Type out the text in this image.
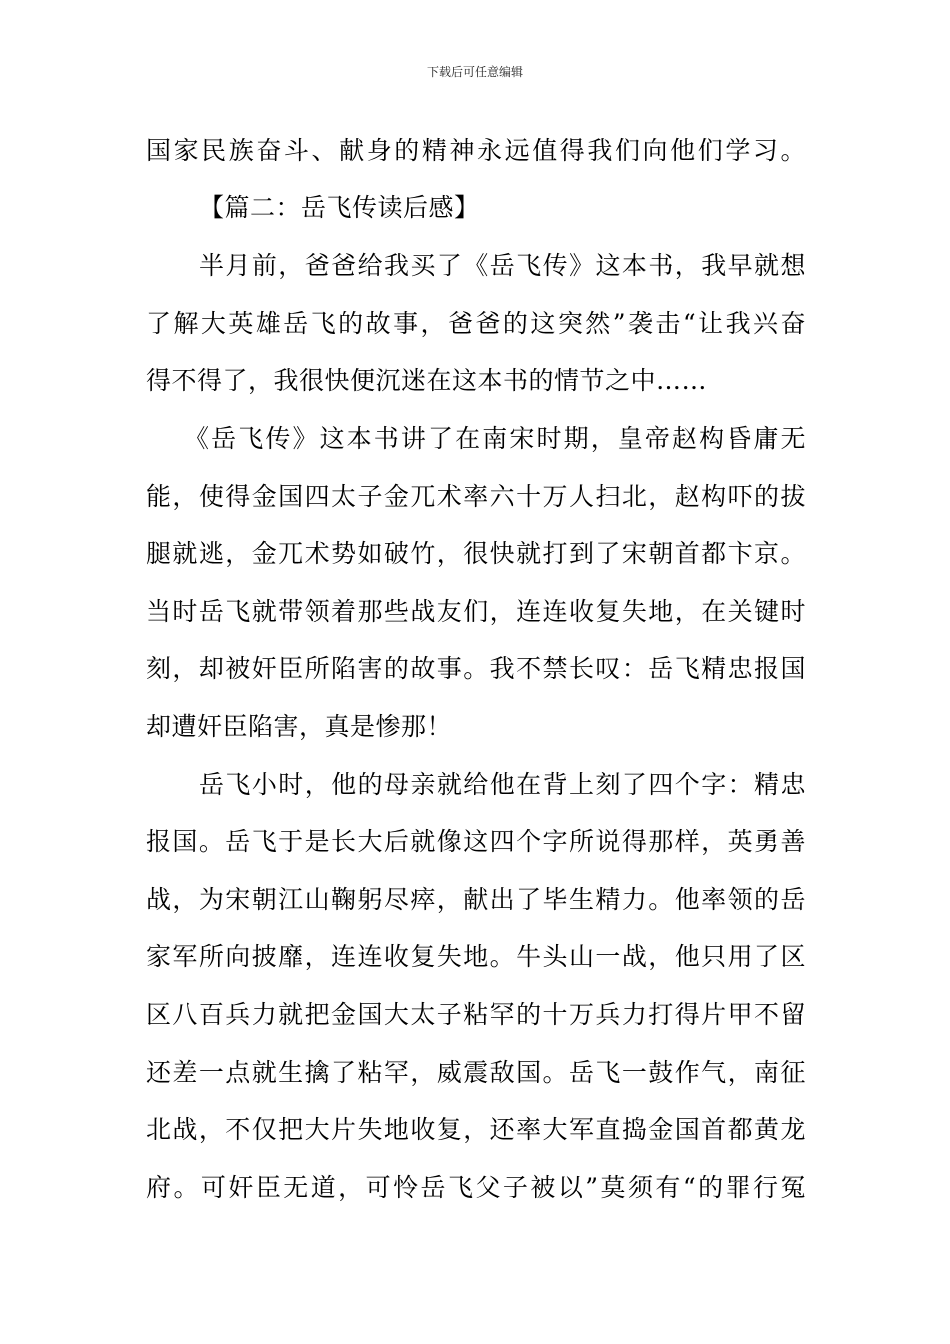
下载后可任意编辑
国家民族奋斗、献身的精神永远值得我们向他们学习。
【篇二：岳飞传读后感】
半月前，爸爸给我买了《岳飞传》这本书，我早就想
了解大英雄岳飞的故事，爸爸的这突然”袭击“让我兴奋
得不得了，我很快便沉迷在这本书的情节之中……
《岳飞传》这本书讲了在南宋时期，皇帝赵构昏庸无
能，使得金国四太子金兀术率六十万人扫北，赵构吓的拔
腿就逃，金兀术势如破竹，很快就打到了宋朝首都卞京。
当时岳飞就带领着那些战友们，连连收复失地，在关键时
刻，却被奸臣所陷害的故事。我不禁长叹：岳飞精忠报国
却遭奸臣陷害，真是惨那！
岳飞小时，他的母亲就给他在背上刻了四个字：精忠
报国。岳飞于是长大后就像这四个字所说得那样，英勇善
战，为宋朝江山鞠躬尽瘁，献出了毕生精力。他率领的岳
家军所向披靡，连连收复失地。牛头山一战，他只用了区
区八百兵力就把金国大太子粘罕的十万兵力打得片甲不留
还差一点就生擒了粘罕，威震敌国。岳飞一鼓作气，南征
北战，不仅把大片失地收复，还率大军直捣金国首都黄龙
府。可奸臣无道，可怜岳飞父子被以”莫须有“的罪行冤
